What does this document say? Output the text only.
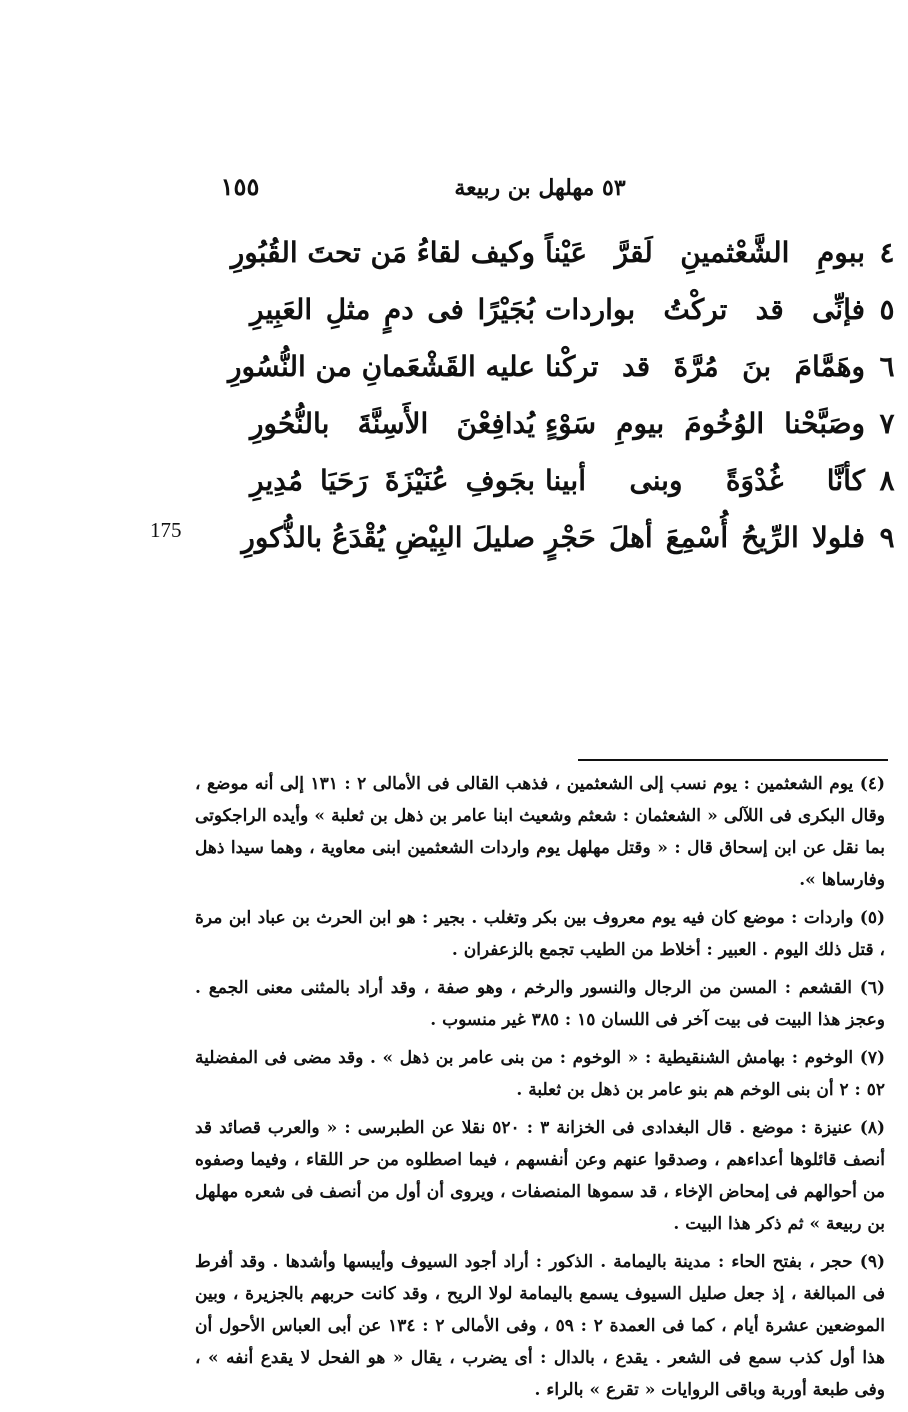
٥٣ مهلهل بن ربيعة
١٥٥
175
٤
ببومِ الشَّعْثمينِ لَقرَّ عَيْناً
وكيف لقاءُ مَن تحتَ القُبُورِ
٥
فإنِّى قد تركْتُ بواردات
بُجَيْرًا فى دمٍ مثلِ العَبِيرِ
٦
وهَمَّامَ بنَ مُرَّةَ قد تركْنا
عليه القَشْعَمانِ من النُّسُورِ
٧
وصَبَّحْنا الوُخُومَ بيومِ سَوْءٍ
يُدافِعْنَ الأَسِنَّةَ بالنُّحُورِ
٨
كأنَّا غُدْوَةً وبنى أبينا
بجَوفِ عُنَيْزَةَ رَحَيَا مُدِيرِ
٩
فلولا الرِّيحُ أُسْمِعَ أهلَ حَجْرٍ
صليلَ البِيْضِ يُقْدَعُ بالذُّكورِ

(٤) يوم الشعثمين : يوم نسب إلى الشعثمين ، فذهب القالى فى الأمالى ٢ : ١٣١ إلى أنه موضع ، وقال البكرى فى اللآلى « الشعثمان : شعثم وشعيث ابنا عامر بن ذهل بن ثعلبة » وأيده الراجكوتى بما نقل عن ابن إسحاق قال : « وقتل مهلهل يوم واردات الشعثمين ابنى معاوية ، وهما سيدا ذهل وفارساها ».

(٥) واردات : موضع كان فيه يوم معروف بين بكر وتغلب . بجير : هو ابن الحرث بن عباد ابن مرة ، قتل ذلك اليوم . العبير : أخلاط من الطيب تجمع بالزعفران .

(٦) القشعم : المسن من الرجال والنسور والرخم ، وهو صفة ، وقد أراد بالمثنى معنى الجمع . وعجز هذا البيت فى بيت آخر فى اللسان ١٥ : ٣٨٥ غير منسوب .

(٧) الوخوم : بهامش الشنقيطية : « الوخوم : من بنى عامر بن ذهل » . وقد مضى فى المفضلية ٥٢ : ٢ أن بنى الوخم هم بنو عامر بن ذهل بن ثعلبة .

(٨) عنيزة : موضع . قال البغدادى فى الخزانة ٣ : ٥٢٠ نقلا عن الطبرسى : « والعرب قصائد قد أنصف قائلوها أعداءهم ، وصدقوا عنهم وعن أنفسهم ، فيما اصطلوه من حر اللقاء ، وفيما وصفوه من أحوالهم فى إمحاض الإخاء ، قد سموها المنصفات ، ويروى أن أول من أنصف فى شعره مهلهل بن ربيعة » ثم ذكر هذا البيت .

(٩) حجر ، بفتح الحاء : مدينة باليمامة . الذكور : أراد أجود السيوف وأيبسها وأشدها . وقد أفرط فى المبالغة ، إذ جعل صليل السيوف يسمع باليمامة لولا الريح ، وقد كانت حربهم بالجزيرة ، وبين الموضعين عشرة أيام ، كما فى العمدة ٢ : ٥٩ ، وفى الأمالى ٢ : ١٣٤ عن أبى العباس الأحول أن هذا أول كذب سمع فى الشعر . يقدع ، بالدال : أى يضرب ، يقال « هو الفحل لا يقدع أنفه » ، وفى طبعة أوربة وباقى الروايات « تقرع » بالراء .
